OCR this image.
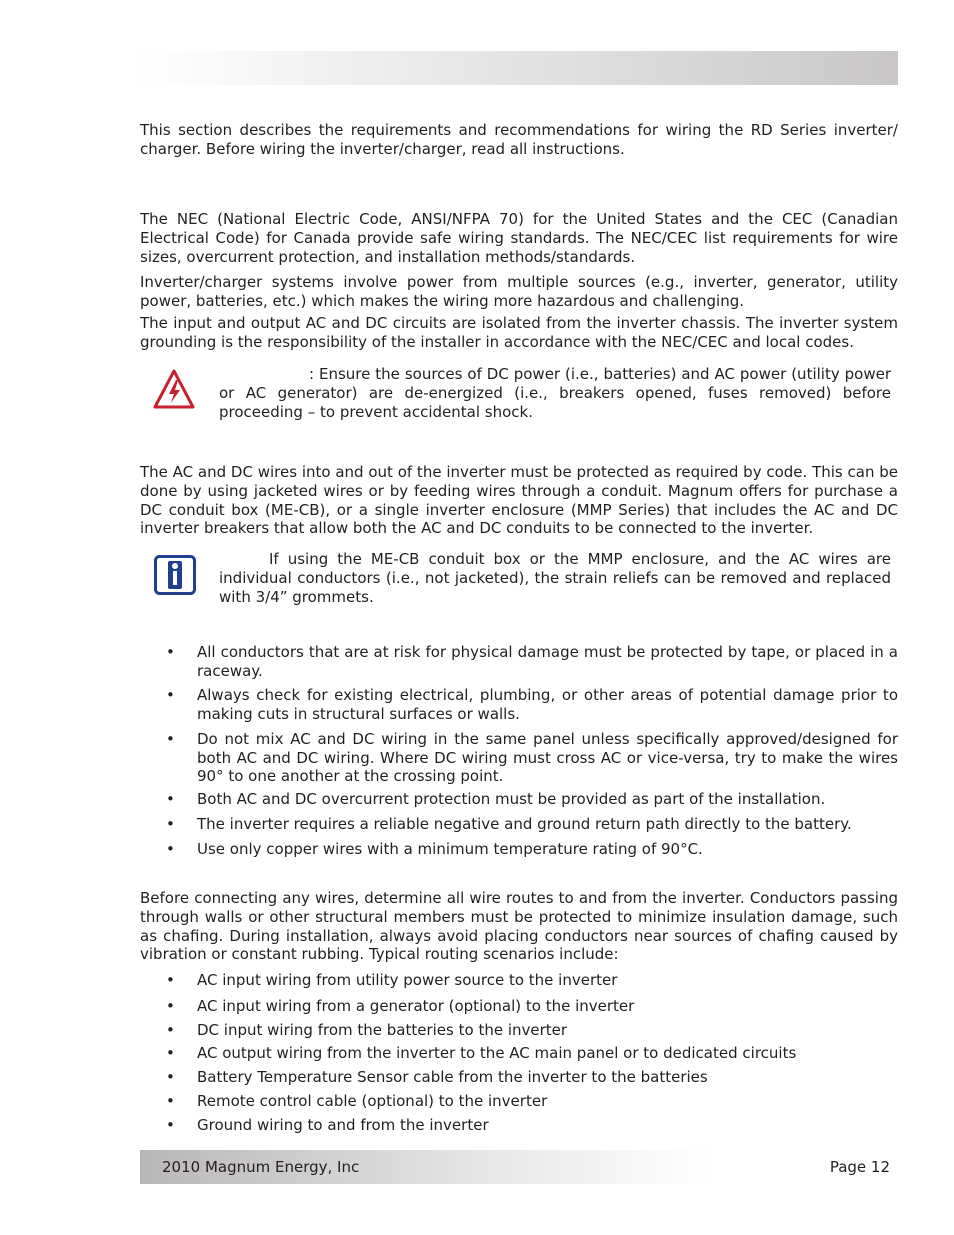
This section describes the requirements and recommendations for wiring the RD Series inverter/ charger. Before wiring the inverter/charger, read all instructions.

The NEC (National Electric Code, ANSI/NFPA 70) for the United States and the CEC (Canadian Electrical Code) for Canada provide safe wiring standards. The NEC/CEC list requirements for wire sizes, overcurrent protection, and installation methods/standards.

Inverter/charger systems involve power from multiple sources (e.g., inverter, generator, utility power, batteries, etc.) which makes the wiring more hazardous and challenging.

The input and output AC and DC circuits are isolated from the inverter chassis. The inverter system grounding is the responsibility of the installer in accordance with the NEC/CEC and local codes.

: Ensure the sources of DC power (i.e., batteries) and AC power (utility power or AC generator) are de-energized (i.e., breakers opened, fuses removed) before proceeding – to prevent accidental shock.

The AC and DC wires into and out of the inverter must be protected as required by code. This can be done by using jacketed wires or by feeding wires through a conduit. Magnum offers for purchase a DC conduit box (ME-CB), or a single inverter enclosure (MMP Series) that includes the AC and DC inverter breakers that allow both the AC and DC conduits to be connected to the inverter.

If using the ME-CB conduit box or the MMP enclosure, and the AC wires are individual conductors (i.e., not jacketed), the strain reliefs can be removed and replaced with 3/4” grommets.

• All conductors that are at risk for physical damage must be protected by tape, or placed in a raceway.
• Always check for existing electrical, plumbing, or other areas of potential damage prior to making cuts in structural surfaces or walls.
• Do not mix AC and DC wiring in the same panel unless specifically approved/designed for both AC and DC wiring. Where DC wiring must cross AC or vice-versa, try to make the wires 90° to one another at the crossing point.
• Both AC and DC overcurrent protection must be provided as part of the installation.
• The inverter requires a reliable negative and ground return path directly to the battery.
• Use only copper wires with a minimum temperature rating of 90°C.

Before connecting any wires, determine all wire routes to and from the inverter. Conductors passing through walls or other structural members must be protected to minimize insulation damage, such as chafing. During installation, always avoid placing conductors near sources of chafing caused by vibration or constant rubbing. Typical routing scenarios include:

• AC input wiring from utility power source to the inverter
• AC input wiring from a generator (optional) to the inverter
• DC input wiring from the batteries to the inverter
• AC output wiring from the inverter to the AC main panel or to dedicated circuits
• Battery Temperature Sensor cable from the inverter to the batteries
• Remote control cable (optional) to the inverter
• Ground wiring to and from the inverter
2010 Magnum Energy, Inc	Page 12
